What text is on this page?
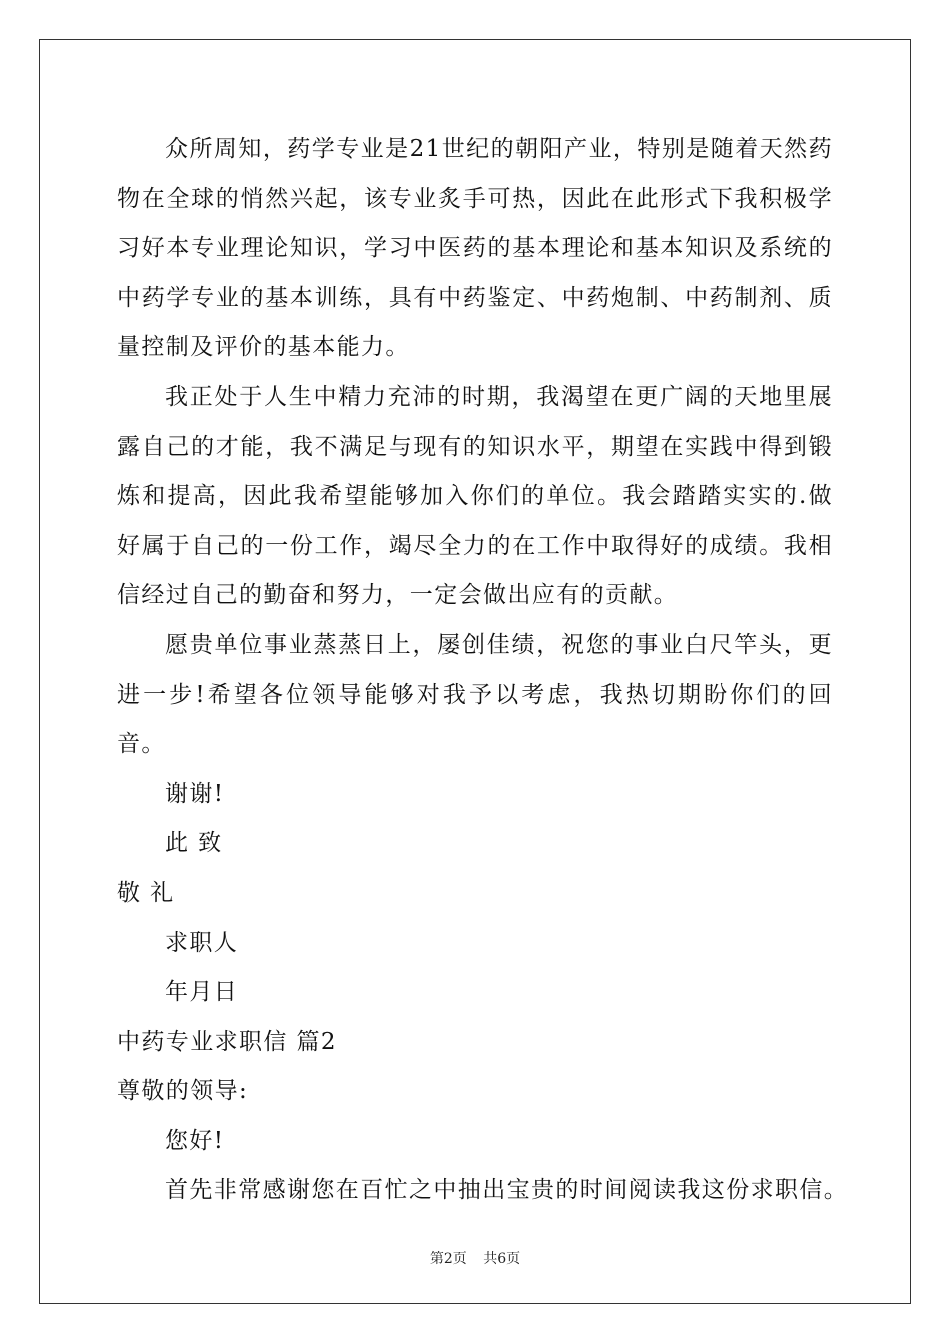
众所周知，药学专业是21世纪的朝阳产业，特别是随着天然药物在全球的悄然兴起，该专业炙手可热，因此在此形式下我积极学习好本专业理论知识，学习中医药的基本理论和基本知识及系统的中药学专业的基本训练，具有中药鉴定、中药炮制、中药制剂、质量控制及评价的基本能力。

我正处于人生中精力充沛的时期，我渴望在更广阔的天地里展露自己的才能，我不满足与现有的知识水平，期望在实践中得到锻炼和提高，因此我希望能够加入你们的单位。我会踏踏实实的.做好属于自己的一份工作，竭尽全力的在工作中取得好的成绩。我相信经过自己的勤奋和努力，一定会做出应有的贡献。

愿贵单位事业蒸蒸日上，屡创佳绩，祝您的事业白尺竿头，更进一步!希望各位领导能够对我予以考虑，我热切期盼你们的回音。

谢谢!

此 致

敬 礼

求职人

年月日

中药专业求职信 篇2

尊敬的领导:

您好!

首先非常感谢您在百忙之中抽出宝贵的时间阅读我这份求职信。

第2页 共6页
